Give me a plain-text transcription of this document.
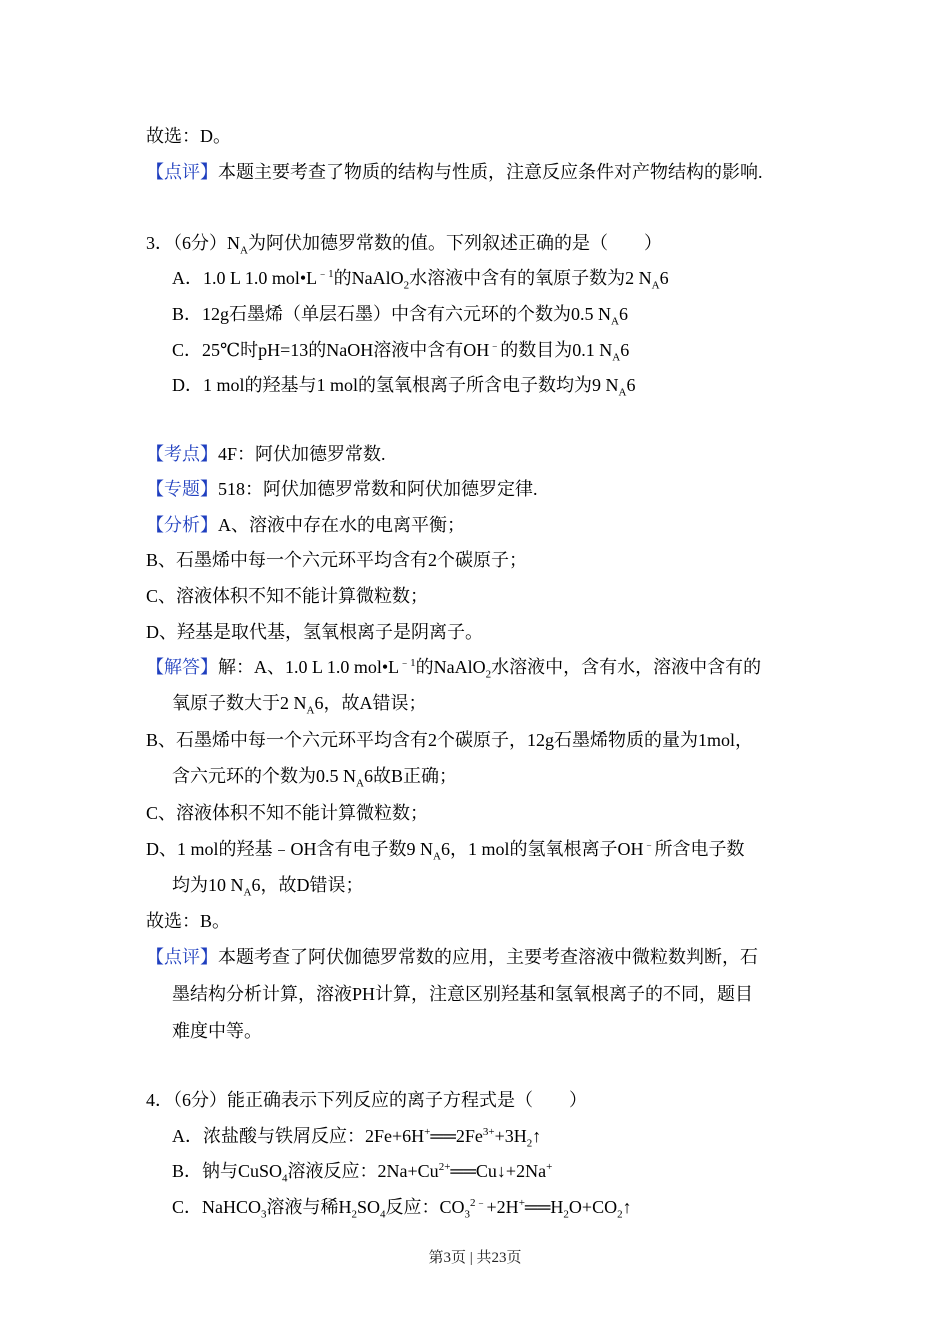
故选：D。
【点评】本题主要考查了物质的结构与性质，注意反应条件对产物结构的影响.
3．（6分）$N_A$为阿伏加德罗常数的值。下列叙述正确的是（　　）
A．1.0 L 1.0 $mol•L^{﹣1}$的NaAlO$_2$水溶液中含有的氧原子数为2 $N_A6$
B．12g石墨烯（单层石墨）中含有六元环的个数为0.5 $N_A6$
C．25℃时pH=13的NaOH溶液中含有OH﹣的数目为0.1 $N_A6$
D．1 mol的羟基与1 mol的氢氧根离子所含电子数均为9 $N_A6$
【考点】4F：阿伏加德罗常数.
【专题】518：阿伏加德罗常数和阿伏加德罗定律.
【分析】A、溶液中存在水的电离平衡；
B、石墨烯中每一个六元环平均含有2个碳原子；
C、溶液体积不知不能计算微粒数；
D、羟基是取代基，氢氧根离子是阴离子。
【解答】解：A、1.0 L 1.0 $mol•L^{﹣1}$的NaAlO$_2$水溶液中，含有水，溶液中含有的
氧原子数大于2 $N_A6$，故A错误；
B、石墨烯中每一个六元环平均含有2个碳原子，12g石墨烯物质的量为1mol，
含六元环的个数为0.5 $N_A6$故B正确；
C、溶液体积不知不能计算微粒数；
D、1 mol的羟基﹣OH含有电子数9 $N_A6$，1 mol的氢氧根离子OH﹣所含电子数
均为10 $N_A6$，故D错误；
故选：B。
【点评】本题考查了阿伏伽德罗常数的应用，主要考查溶液中微粒数判断，石
墨结构分析计算，溶液PH计算，注意区别羟基和氢氧根离子的不同，题目
难度中等。
4．（6分）能正确表示下列反应的离子方程式是（　　）
A．浓盐酸与铁屑反应：$2Fe+6H^+══2Fe^{3+}+3H_2↑$
B．钠与CuSO$_4$溶液反应：$2Na+Cu^{2+}══Cu↓+2Na^+$
C．NaHCO$_3$溶液与稀$H_2SO_4$反应：$CO_3^{2﹣}+2H^+══H_2O+CO_2↑$
第3页 | 共23页
